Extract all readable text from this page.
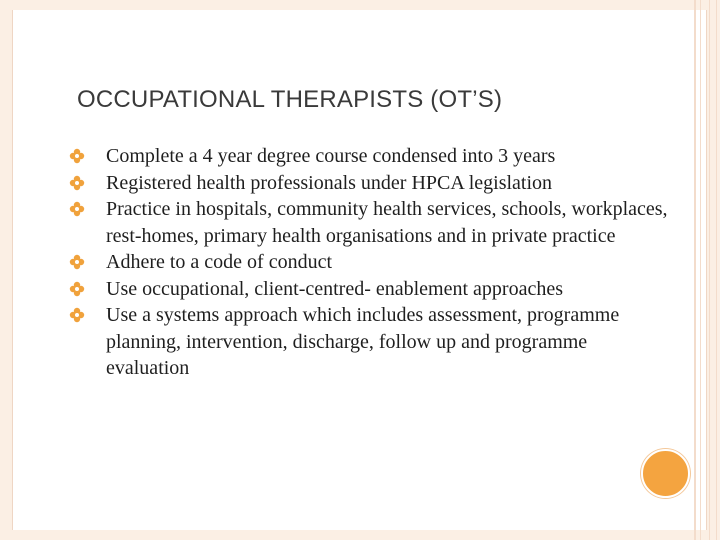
OCCUPATIONAL THERAPISTS (OT’S)
Complete a 4 year degree course condensed into 3 years
Registered health professionals under HPCA legislation
Practice in hospitals, community health services, schools, workplaces, rest-homes, primary health organisations and in private practice
Adhere to a code of conduct
Use occupational, client-centred- enablement approaches
Use a systems approach which includes assessment, programme planning, intervention, discharge, follow up and programme evaluation
